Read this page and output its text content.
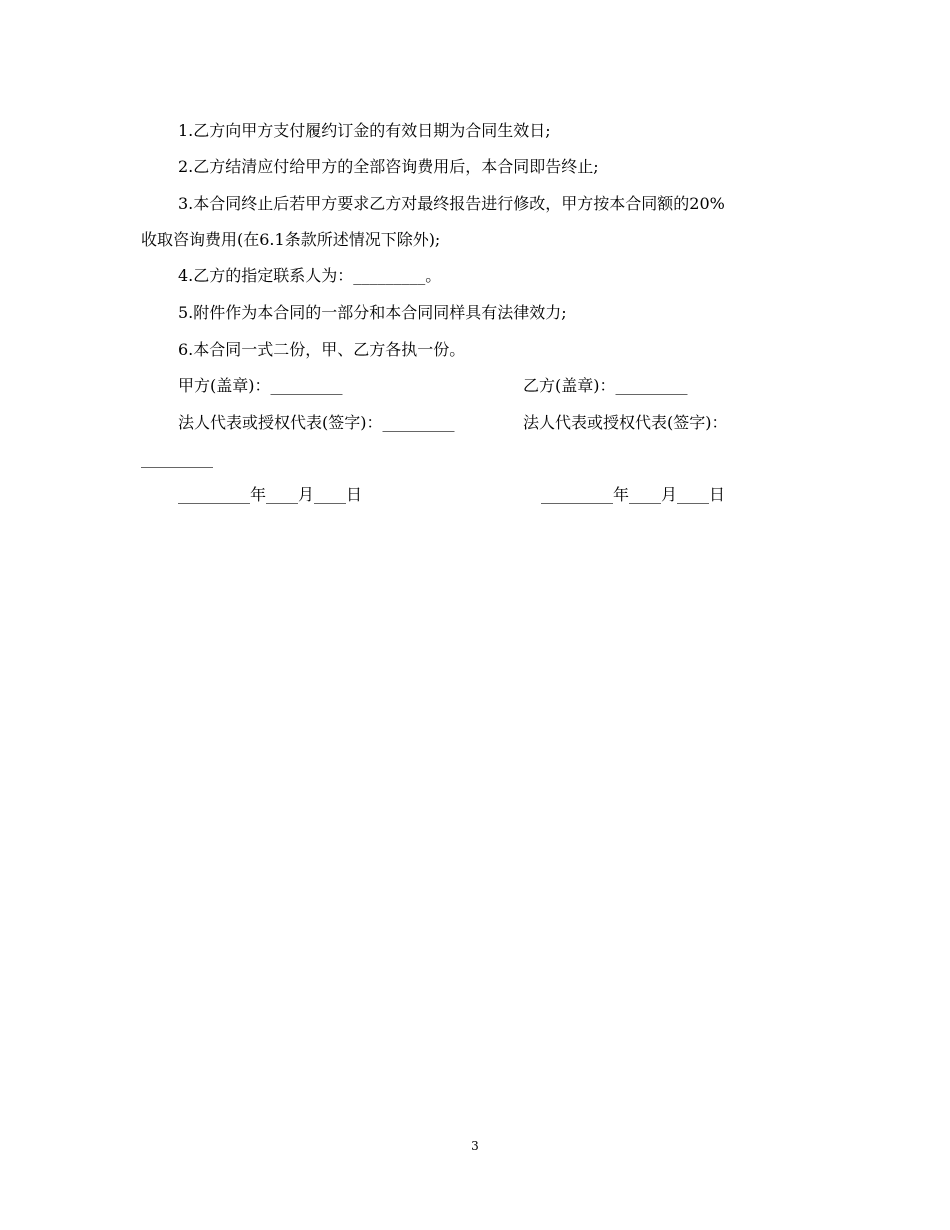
1.乙方向甲方支付履约订金的有效日期为合同生效日;
2.乙方结清应付给甲方的全部咨询费用后，本合同即告终止;
3.本合同终止后若甲方要求乙方对最终报告进行修改，甲方按本合同额的20%
收取咨询费用(在6.1条款所述情况下除外);
4.乙方的指定联系人为：_________。
5.附件作为本合同的一部分和本合同同样具有法律效力;
6.本合同一式二份，甲、乙方各执一份。
甲方(盖章)：_________	乙方(盖章)：_________
法人代表或授权代表(签字)：_________	法人代表或授权代表(签字)：
_________
_________年____月____日	_________年____月____日
3
